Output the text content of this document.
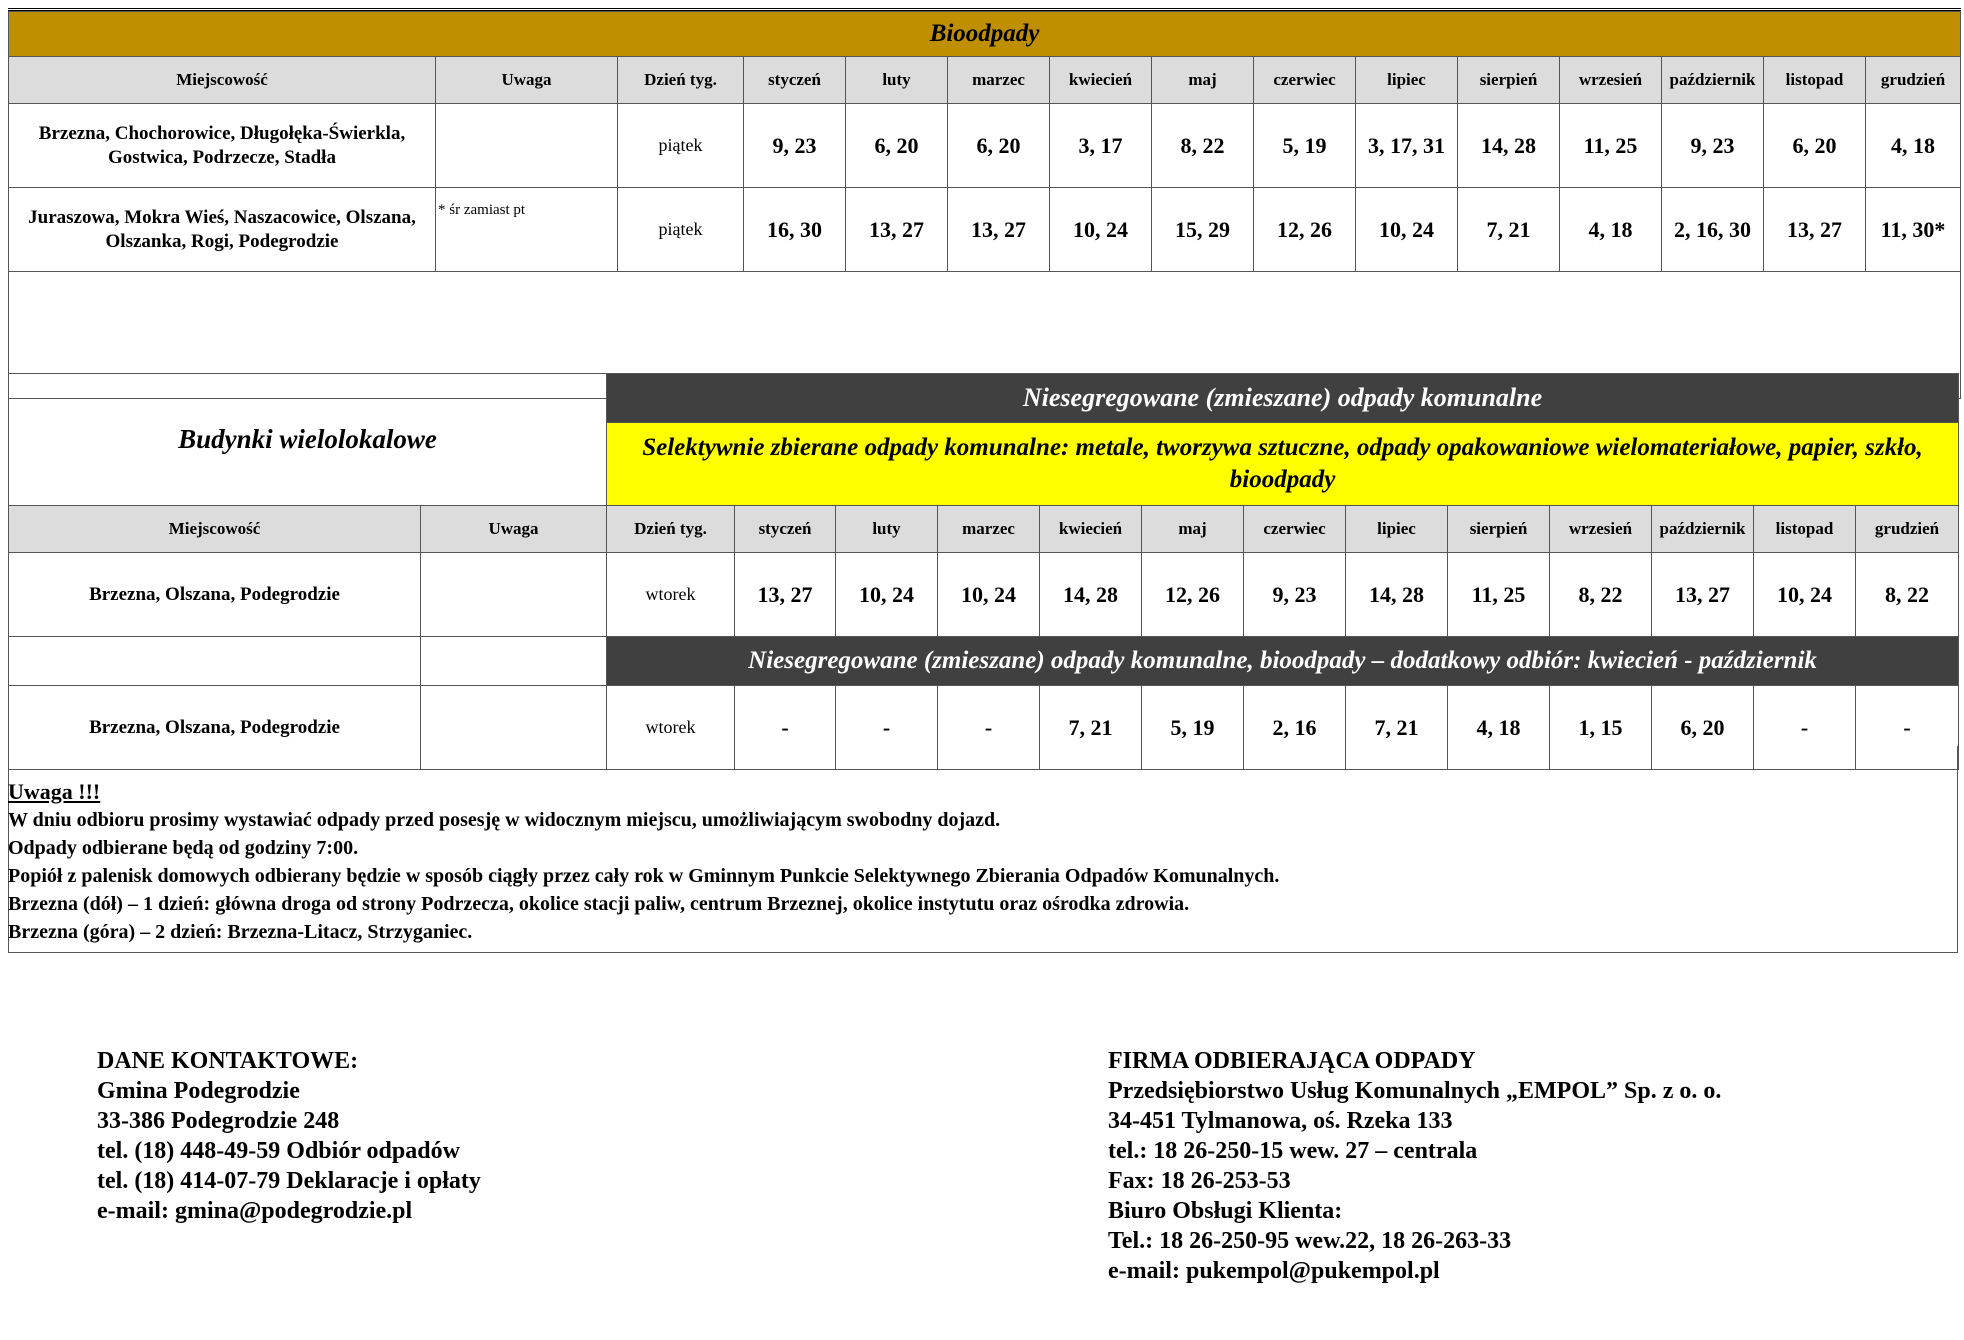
Bioodpady														
Miejscowość	Uwaga	Dzień tyg.	styczeń	luty	marzec	kwiecień	maj	czerwiec	lipiec	sierpień	wrzesień	październik	listopad	grudzień
Brzezna, Chochorowice, Długołęka-Świerkla, Gostwica, Podrzecze, Stadła		piątek	9, 23	6, 20	6, 20	3, 17	8, 22	5, 19	3, 17, 31	14, 28	11, 25	9, 23	6, 20	4, 18
Juraszowa, Mokra Wieś, Naszacowice, Olszana, Olszanka, Rogi, Podegrodzie	* śr zamiast pt	piątek	16, 30	13, 27	13, 27	10, 24	15, 29	12, 26	10, 24	7, 21	4, 18	2, 16, 30	13, 27	11, 30*

Budynki wielolokalowe		Niesegregowane (zmieszane) odpady komunalne												
		Selektywnie zbierane odpady komunalne: metale, tworzywa sztuczne, odpady opakowaniowe wielomateriałowe, papier, szkło, bioodpady												
Miejscowość	Uwaga	Dzień tyg.	styczeń	luty	marzec	kwiecień	maj	czerwiec	lipiec	sierpień	wrzesień	październik	listopad	grudzień
Brzezna, Olszana, Podegrodzie		wtorek	13, 27	10, 24	10, 24	14, 28	12, 26	9, 23	14, 28	11, 25	8, 22	13, 27	10, 24	8, 22
		Niesegregowane (zmieszane) odpady komunalne, bioodpady – dodatkowy odbiór: kwiecień - październik												
Brzezna, Olszana, Podegrodzie		wtorek	-	-	-	7, 21	5, 19	2, 16	7, 21	4, 18	1, 15	6, 20	-	-
Uwaga !!!
W dniu odbioru prosimy wystawiać odpady przed posesję w widocznym miejscu, umożliwiającym swobodny dojazd.
Odpady odbierane będą od godziny 7:00.
Popiół z palenisk domowych odbierany będzie w sposób ciągły przez cały rok w Gminnym Punkcie Selektywnego Zbierania Odpadów Komunalnych.
Brzezna (dół) – 1 dzień: główna droga od strony Podrzecza, okolice stacji paliw, centrum Brzeznej, okolice instytutu oraz ośrodka zdrowia.
Brzezna (góra) – 2 dzień: Brzezna-Litacz, Strzyganiec.
DANE KONTAKTOWE:
Gmina Podegrodzie
33-386 Podegrodzie 248
tel. (18) 448-49-59 Odbiór odpadów
tel. (18) 414-07-79 Deklaracje i opłaty
e-mail: gmina@podegrodzie.pl
FIRMA ODBIERAJĄCA ODPADY
Przedsiębiorstwo Usług Komunalnych „EMPOL” Sp. z o. o.
34-451 Tylmanowa, oś. Rzeka 133
tel.: 18 26-250-15 wew. 27 – centrala
Fax: 18 26-253-53
Biuro Obsługi Klienta:
Tel.: 18 26-250-95 wew.22, 18 26-263-33
e-mail: pukempol@pukempol.pl
